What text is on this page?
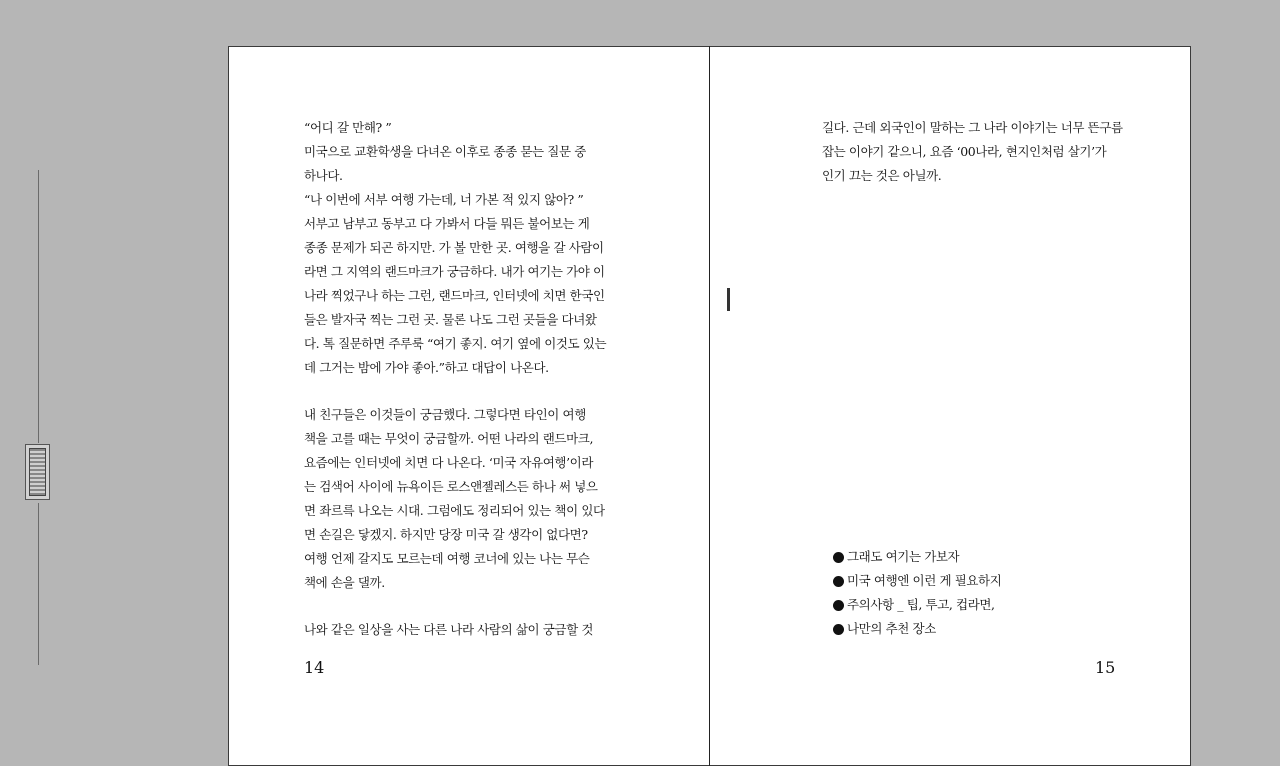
“어디 갈 만해? ”
미국으로 교환학생을 다녀온 이후로 종종 묻는 질문 중
하나다.
“나 이번에 서부 여행 가는데, 너 가본 적 있지 않아? ”
서부고 남부고 동부고 다 가봐서 다들 뭐든 불어보는 게
종종 문제가 되곤 하지만. 가 볼 만한 곳. 여행을 갈 사람이
라면 그 지역의 랜드마크가 궁금하다. 내가 여기는 가야 이
나라 찍었구나 하는 그런, 랜드마크, 인터넷에 치면 한국인
들은 발자국 찍는 그런 곳. 물론 나도 그런 곳들을 다녀왔
다. 톡 질문하면 주루룩 “여기 좋지. 여기 옆에 이것도 있는
데 그거는 밤에 가야 좋아.”하고 대답이 나온다.
내 친구들은 이것들이 궁금했다. 그렇다면 타인이 여행
책을 고를 때는 무엇이 궁금할까. 어떤 나라의 랜드마크,
요즘에는 인터넷에 치면 다 나온다. ‘미국 자유여행’이라
는 검색어 사이에 뉴욕이든 로스앤젤레스든 하나 써 넣으
면 좌르륵 나오는 시대. 그럼에도 정리되어 있는 책이 있다
면 손길은 닿겠지. 하지만 당장 미국 갈 생각이 없다면?
여행 언제 갈지도 모르는데 여행 코너에 있는 나는 무슨
책에 손을 댈까.
나와 같은 일상을 사는 다른 나라 사람의 삶이 궁금할 것
14
길다. 근데 외국인이 말하는 그 나라 이야기는 너무 뜬구름
잡는 이야기 같으니, 요즘 ‘00나라, 현지인처럼 살기’가
인기 끄는 것은 아닐까.
그래도 여기는 가보자
미국 여행엔 이런 게 필요하지
주의사항 _ 팁, 투고, 컵라면,
나만의 추천 장소
15
